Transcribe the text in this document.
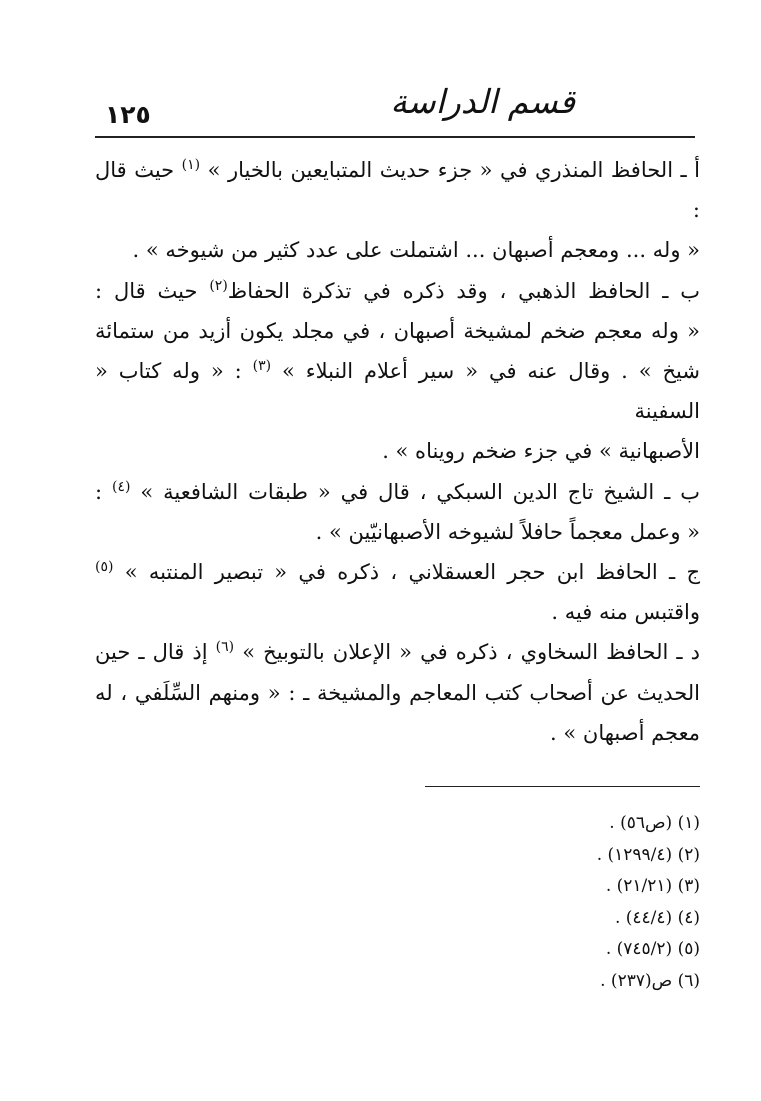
١٢٥	قسم الدراسة

أ ـ الحافظ المنذري في « جزء حديث المتبايعين بالخيار » $^{(١)}$ حيث قال :

« وله ... ومعجم أصبهان ... اشتملت على عدد كثير من شيوخه » .

ب ـ الحافظ الذهبي ، وقد ذكره في تذكرة الحفاظ$^{(٢)}$ حيث قال :

« وله معجم ضخم لمشيخة أصبهان ، في مجلد يكون أزيد من ستمائة

شيخ » . وقال عنه في « سير أعلام النبلاء » $^{(٣)}$ : « وله كتاب « السفينة

الأصبهانية » في جزء ضخم رويناه » .

ب ـ الشيخ تاج الدين السبكي ، قال في « طبقات الشافعية » $^{(٤)}$ :

« وعمل معجماً حافلاً لشيوخه الأصبهانيّين » .

ج ـ الحافظ ابن حجر العسقلاني ، ذكره في « تبصير المنتبه » $^{(٥)}$

واقتبس منه فيه .

د ـ الحافظ السخاوي ، ذكره في « الإعلان بالتوبيخ » $^{(٦)}$ إذ قال ـ حين

الحديث عن أصحاب كتب المعاجم والمشيخة ـ : « ومنهم السِّلَفي ، له

معجم أصبهان » .

(١) (ص٥٦) .
(٢) (١٢٩٩/٤) .
(٣) (٢١/٢١) .
(٤) (٤٤/٤) .
(٥) (٧٤٥/٢) .
(٦) ص(٢٣٧) .
